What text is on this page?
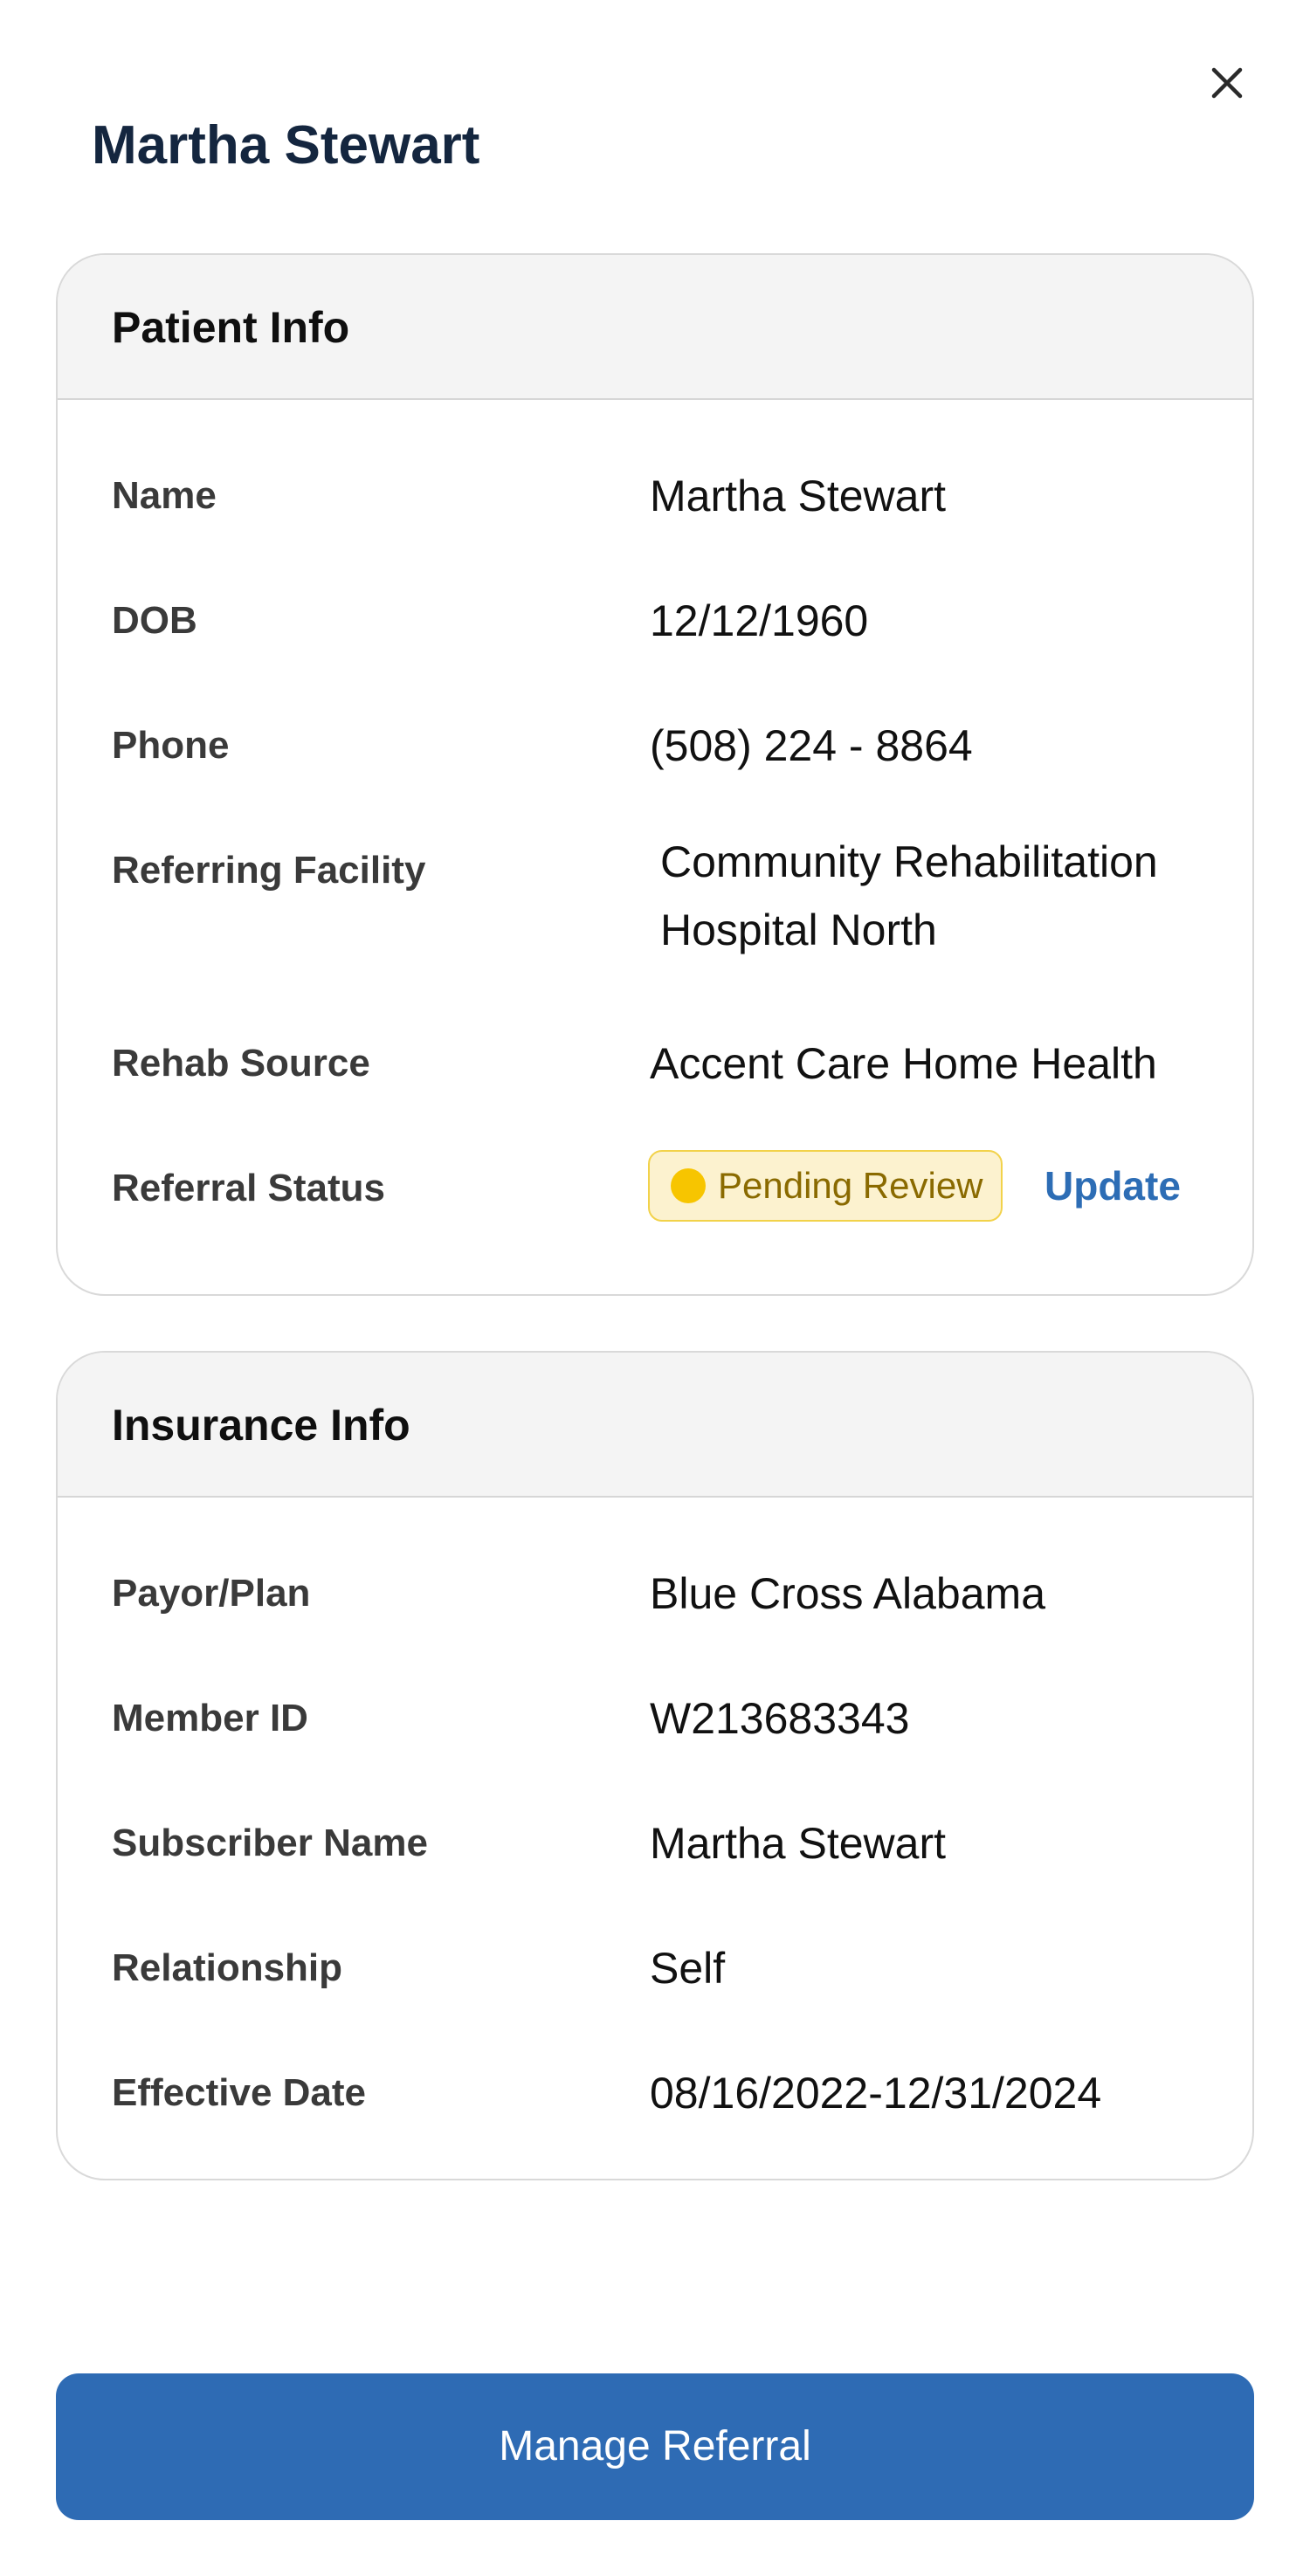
Martha Stewart
Patient Info
Name	Martha Stewart
DOB	12/12/1960
Phone	(508) 224 - 8864
Referring Facility	Community Rehabilitation
Hospital North
Rehab Source	Accent Care Home Health
Referral Status	Pending Review Update
Insurance Info
Payor/Plan	Blue Cross Alabama
Member ID	W213683343
Subscriber Name	Martha Stewart
Relationship	Self
Effective Date	08/16/2022-12/31/2024
Manage Referral
